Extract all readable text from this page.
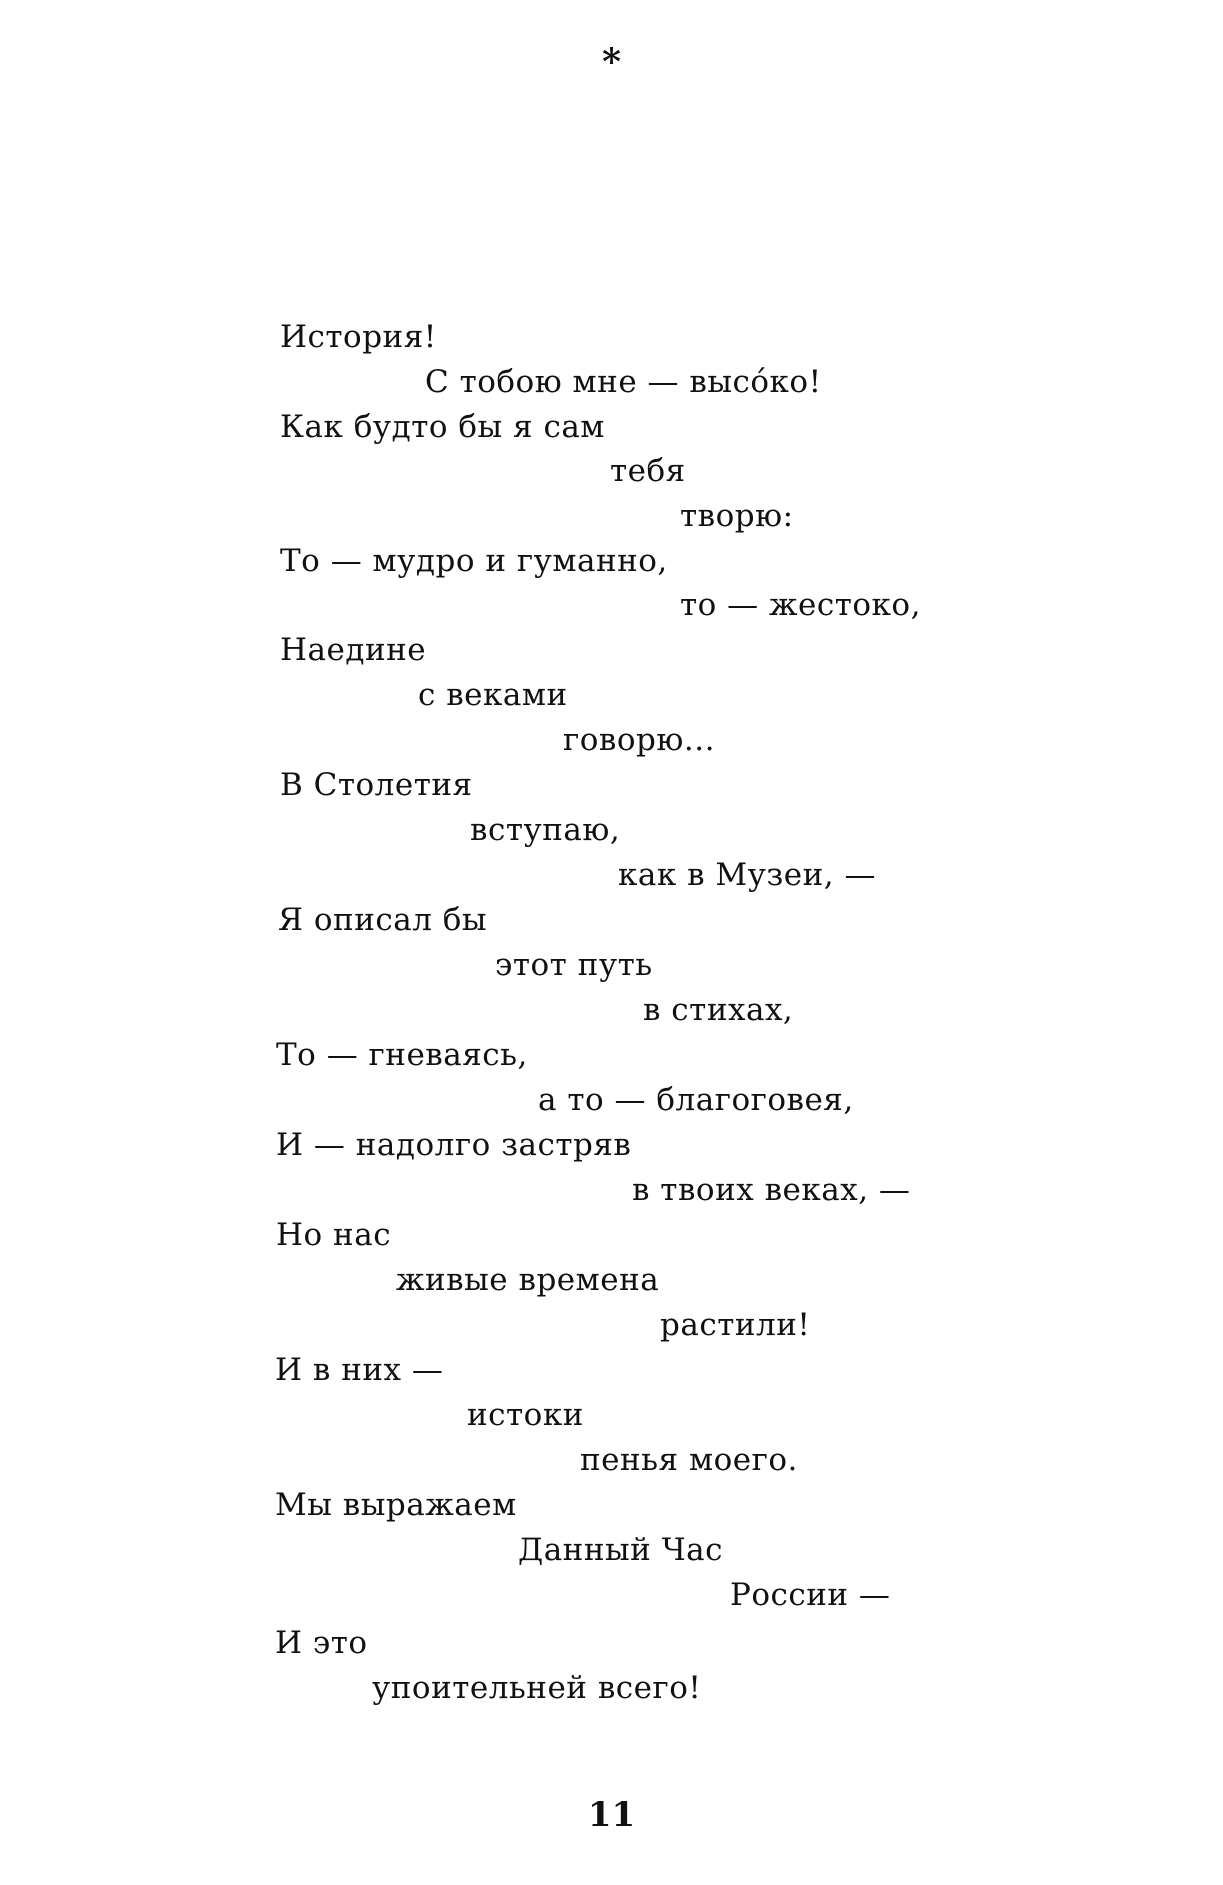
*
История!
С тобою мне — высо́ко!
Как будто бы я сам
тебя
творю:
То — мудро и гуманно,
то — жестоко,
Наедине
с веками
говорю...
В Столетия
вступаю,
как в Музеи, —
Я описал бы
этот путь
в стихах,
То — гневаясь,
а то — благоговея,
И — надолго застряв
в твоих веках, —
Но нас
живые времена
растили!
И в них —
истоки
пенья моего.
Мы выражаем
Данный Час
России —
И это
упоительней всего!
11
